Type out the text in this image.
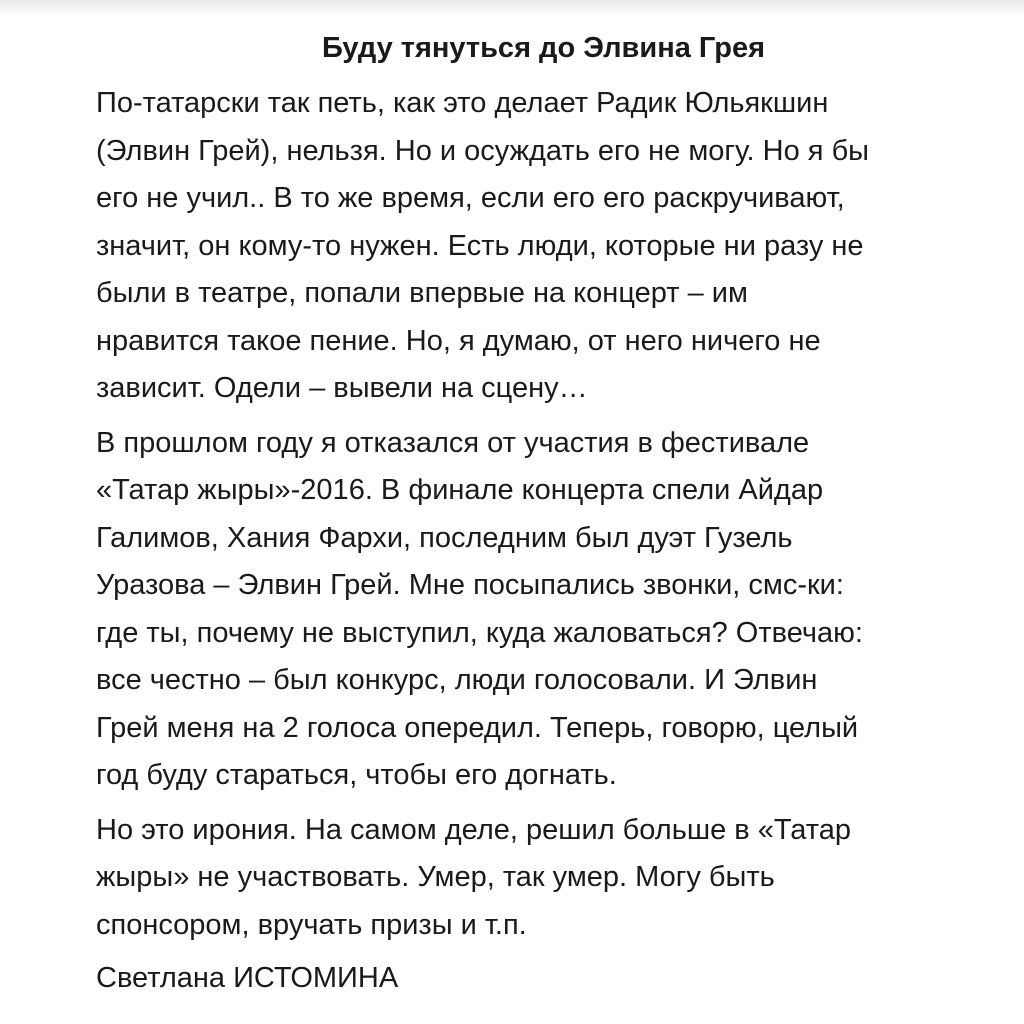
Буду тянуться до Элвина Грея
По-татарски так петь, как это делает Радик Юльякшин
(Элвин Грей), нельзя. Но и осуждать его не могу. Но я бы
его не учил.. В то же время, если его его раскручивают,
значит, он кому-то нужен. Есть люди, которые ни разу не
были в театре, попали впервые на концерт – им
нравится такое пение. Но, я думаю, от него ничего не
зависит. Одели – вывели на сцену…
В прошлом году я отказался от участия в фестивале
«Татар жыры»-2016. В финале концерта спели Айдар
Галимов, Хания Фархи, последним был дуэт Гузель
Уразова – Элвин Грей. Мне посыпались звонки, смс-ки:
где ты, почему не выступил, куда жаловаться? Отвечаю:
все честно – был конкурс, люди голосовали. И Элвин
Грей меня на 2 голоса опередил. Теперь, говорю, целый
год буду стараться, чтобы его догнать.
Но это ирония. На самом деле, решил больше в «Татар
жыры» не участвовать. Умер, так умер. Могу быть
спонсором, вручать призы и т.п.
Светлана ИСТОМИНА
